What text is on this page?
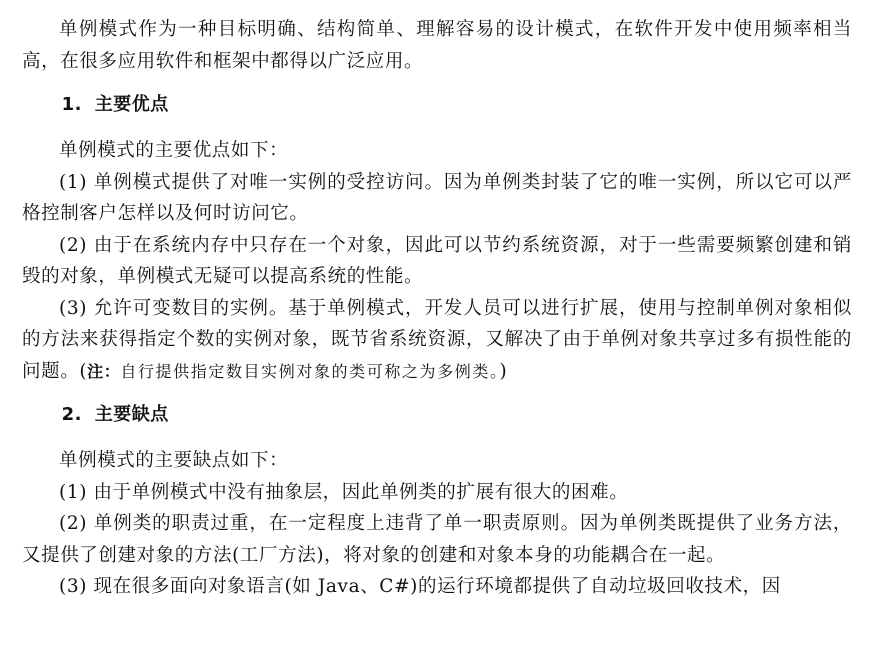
单例模式作为一种目标明确、结构简单、理解容易的设计模式，在软件开发中使用频率相当高，在很多应用软件和框架中都得以广泛应用。

1. 主要优点

单例模式的主要优点如下：

(1) 单例模式提供了对唯一实例的受控访问。因为单例类封装了它的唯一实例，所以它可以严格控制客户怎样以及何时访问它。

(2) 由于在系统内存中只存在一个对象，因此可以节约系统资源，对于一些需要频繁创建和销毁的对象，单例模式无疑可以提高系统的性能。

(3) 允许可变数目的实例。基于单例模式，开发人员可以进行扩展，使用与控制单例对象相似的方法来获得指定个数的实例对象，既节省系统资源，又解决了由于单例对象共享过多有损性能的问题。(注：自行提供指定数目实例对象的类可称之为多例类。)

2. 主要缺点

单例模式的主要缺点如下：

(1) 由于单例模式中没有抽象层，因此单例类的扩展有很大的困难。

(2) 单例类的职责过重，在一定程度上违背了单一职责原则。因为单例类既提供了业务方法，又提供了创建对象的方法(工厂方法)，将对象的创建和对象本身的功能耦合在一起。

(3) 现在很多面向对象语言(如 Java、C#)的运行环境都提供了自动垃圾回收技术，因
